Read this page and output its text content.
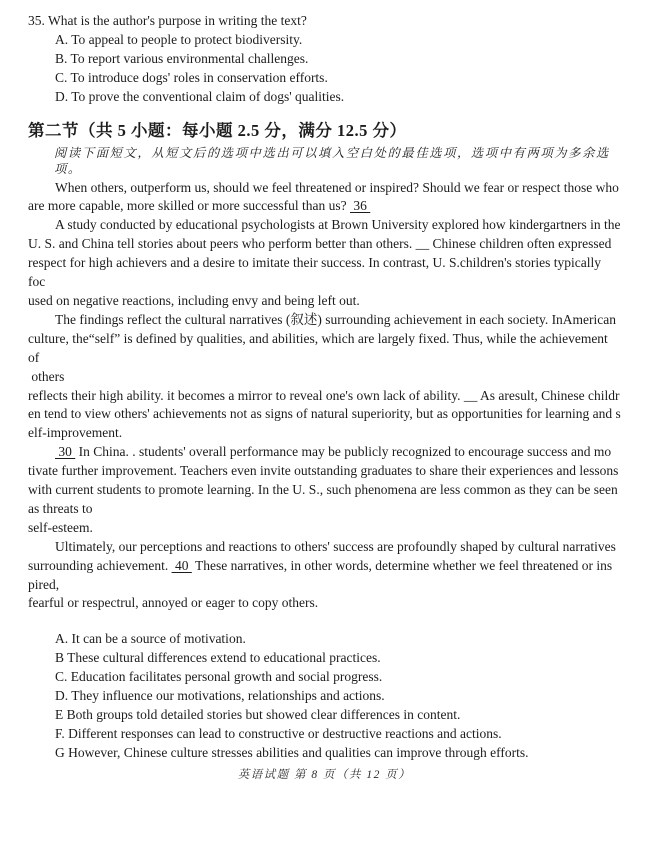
35. What is the author's purpose in writing the text?
A. To appeal to people to protect biodiversity.
B. To report various environmental challenges.
C. To introduce dogs' roles in conservation efforts.
D. To prove the conventional claim of dogs' qualities.
第二节（共 5 小题：每小题 2.5 分，满分 12.5 分）
阅读下面短文，从短文后的选项中选出可以填入空白处的最佳选项，选项中有两项为多余选项。
When others, outperform us, should we feel threatened or inspired? Should we fear or respect those who
are more capable, more skilled or more successful than us?  36
A study conducted by educational psychologists at Brown University explored how kindergartners in the
U. S. and China tell stories about peers who perform better than others. __ Chinese children often expressed
respect for high achievers and a desire to imitate their success. In contrast, U. S.children's stories typically foc
used on negative reactions, including envy and being left out.
The findings reflect the cultural narratives (叙述) surrounding achievement in each society. InAmerican
culture, the“self” is defined by qualities, and abilities, which are largely fixed. Thus, while the achievement of
others
reflects their high ability. it becomes a mirror to reveal one's own lack of ability. __ As aresult, Chinese childr
en tend to view others' achievements not as signs of natural superiority, but as opportunities for learning and s
elf-improvement.
30  In China. . students' overall performance may be publicly recognized to encourage success and mo
tivate further improvement. Teachers even invite outstanding graduates to share their experiences and lessons
with current students to promote learning. In the U. S., such phenomena are less common as they can be seen
as threats to
self-esteem.
Ultimately, our perceptions and reactions to others' success are profoundly shaped by cultural narratives
surrounding achievement.  40  These narratives, in other words, determine whether we feel threatened or ins
pired,
fearful or respectrul, annoyed or eager to copy others.
A. It can be a source of motivation.
B These cultural differences extend to educational practices.
C. Education facilitates personal growth and social progress.
D. They influence our motivations, relationships and actions.
E Both groups told detailed stories but showed clear differences in content.
F. Different responses can lead to constructive or destructive reactions and actions.
G However, Chinese culture stresses abilities and qualities can improve through efforts.
英语试题 第 8 页（共 12 页）
